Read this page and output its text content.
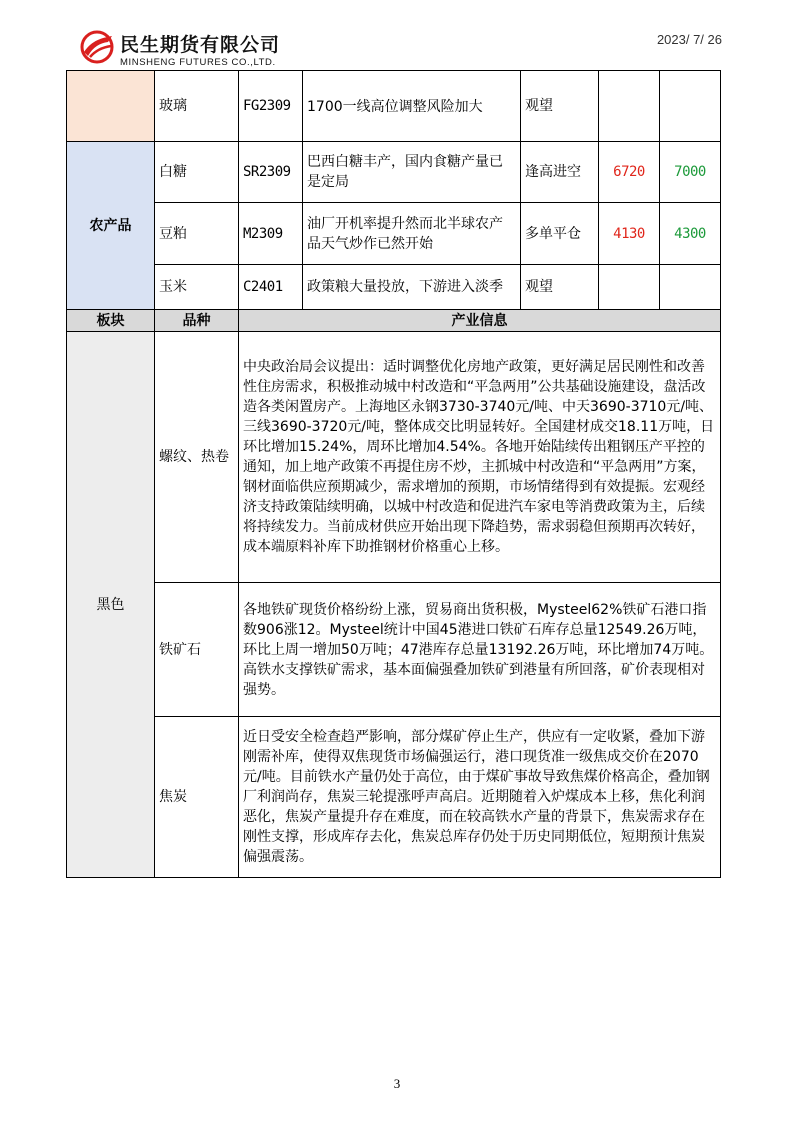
民生期货有限公司
MINSHENG FUTURES CO.,LTD.
2023/ 7/ 26
	玻璃	FG2309	1700一线高位调整风险加大	观望		
农产品	白糖	SR2309	巴西白糖丰产，国内食糖产量已是定局	逢高进空	6720	7000
	豆粕	M2309	油厂开机率提升然而北半球农产品天气炒作已然开始	多单平仓	4130	4300
	玉米	C2401	政策粮大量投放，下游进入淡季	观望		
板块	品种	产业信息				
黑色	螺纹、热卷	中央政治局会议提出：适时调整优化房地产政策，更好满足居民刚性和改善性住房需求，积极推动城中村改造和“平急两用”公共基础设施建设，盘活改造各类闲置房产。上海地区永钢3730-3740元/吨、中天3690-3710元/吨、三线3690-3720元/吨，整体成交比明显转好。全国建材成交18.11万吨，日环比增加15.24%，周环比增加4.54%。各地开始陆续传出粗钢压产平控的通知，加上地产政策不再提住房不炒，主抓城中村改造和“平急两用”方案，钢材面临供应预期减少，需求增加的预期，市场情绪得到有效提振。宏观经济支持政策陆续明确，以城中村改造和促进汽车家电等消费政策为主，后续将持续发力。当前成材供应开始出现下降趋势，需求弱稳但预期再次转好，成本端原料补库下助推钢材价格重心上移。				
	铁矿石	各地铁矿现货价格纷纷上涨，贸易商出货积极，Mysteel62%铁矿石港口指数906涨12。Mysteel统计中国45港进口铁矿石库存总量12549.26万吨，环比上周一增加50万吨；47港库存总量13192.26万吨，环比增加74万吨。高铁水支撑铁矿需求，基本面偏强叠加铁矿到港量有所回落，矿价表现相对强势。				
	焦炭	近日受安全检查趋严影响，部分煤矿停止生产，供应有一定收紧，叠加下游刚需补库，使得双焦现货市场偏强运行，港口现货准一级焦成交价在2070元/吨。目前铁水产量仍处于高位，由于煤矿事故导致焦煤价格高企，叠加钢厂利润尚存，焦炭三轮提涨呼声高启。近期随着入炉煤成本上移，焦化利润恶化，焦炭产量提升存在难度，而在较高铁水产量的背景下，焦炭需求存在刚性支撑，形成库存去化，焦炭总库存仍处于历史同期低位，短期预计焦炭偏强震荡。				
3
